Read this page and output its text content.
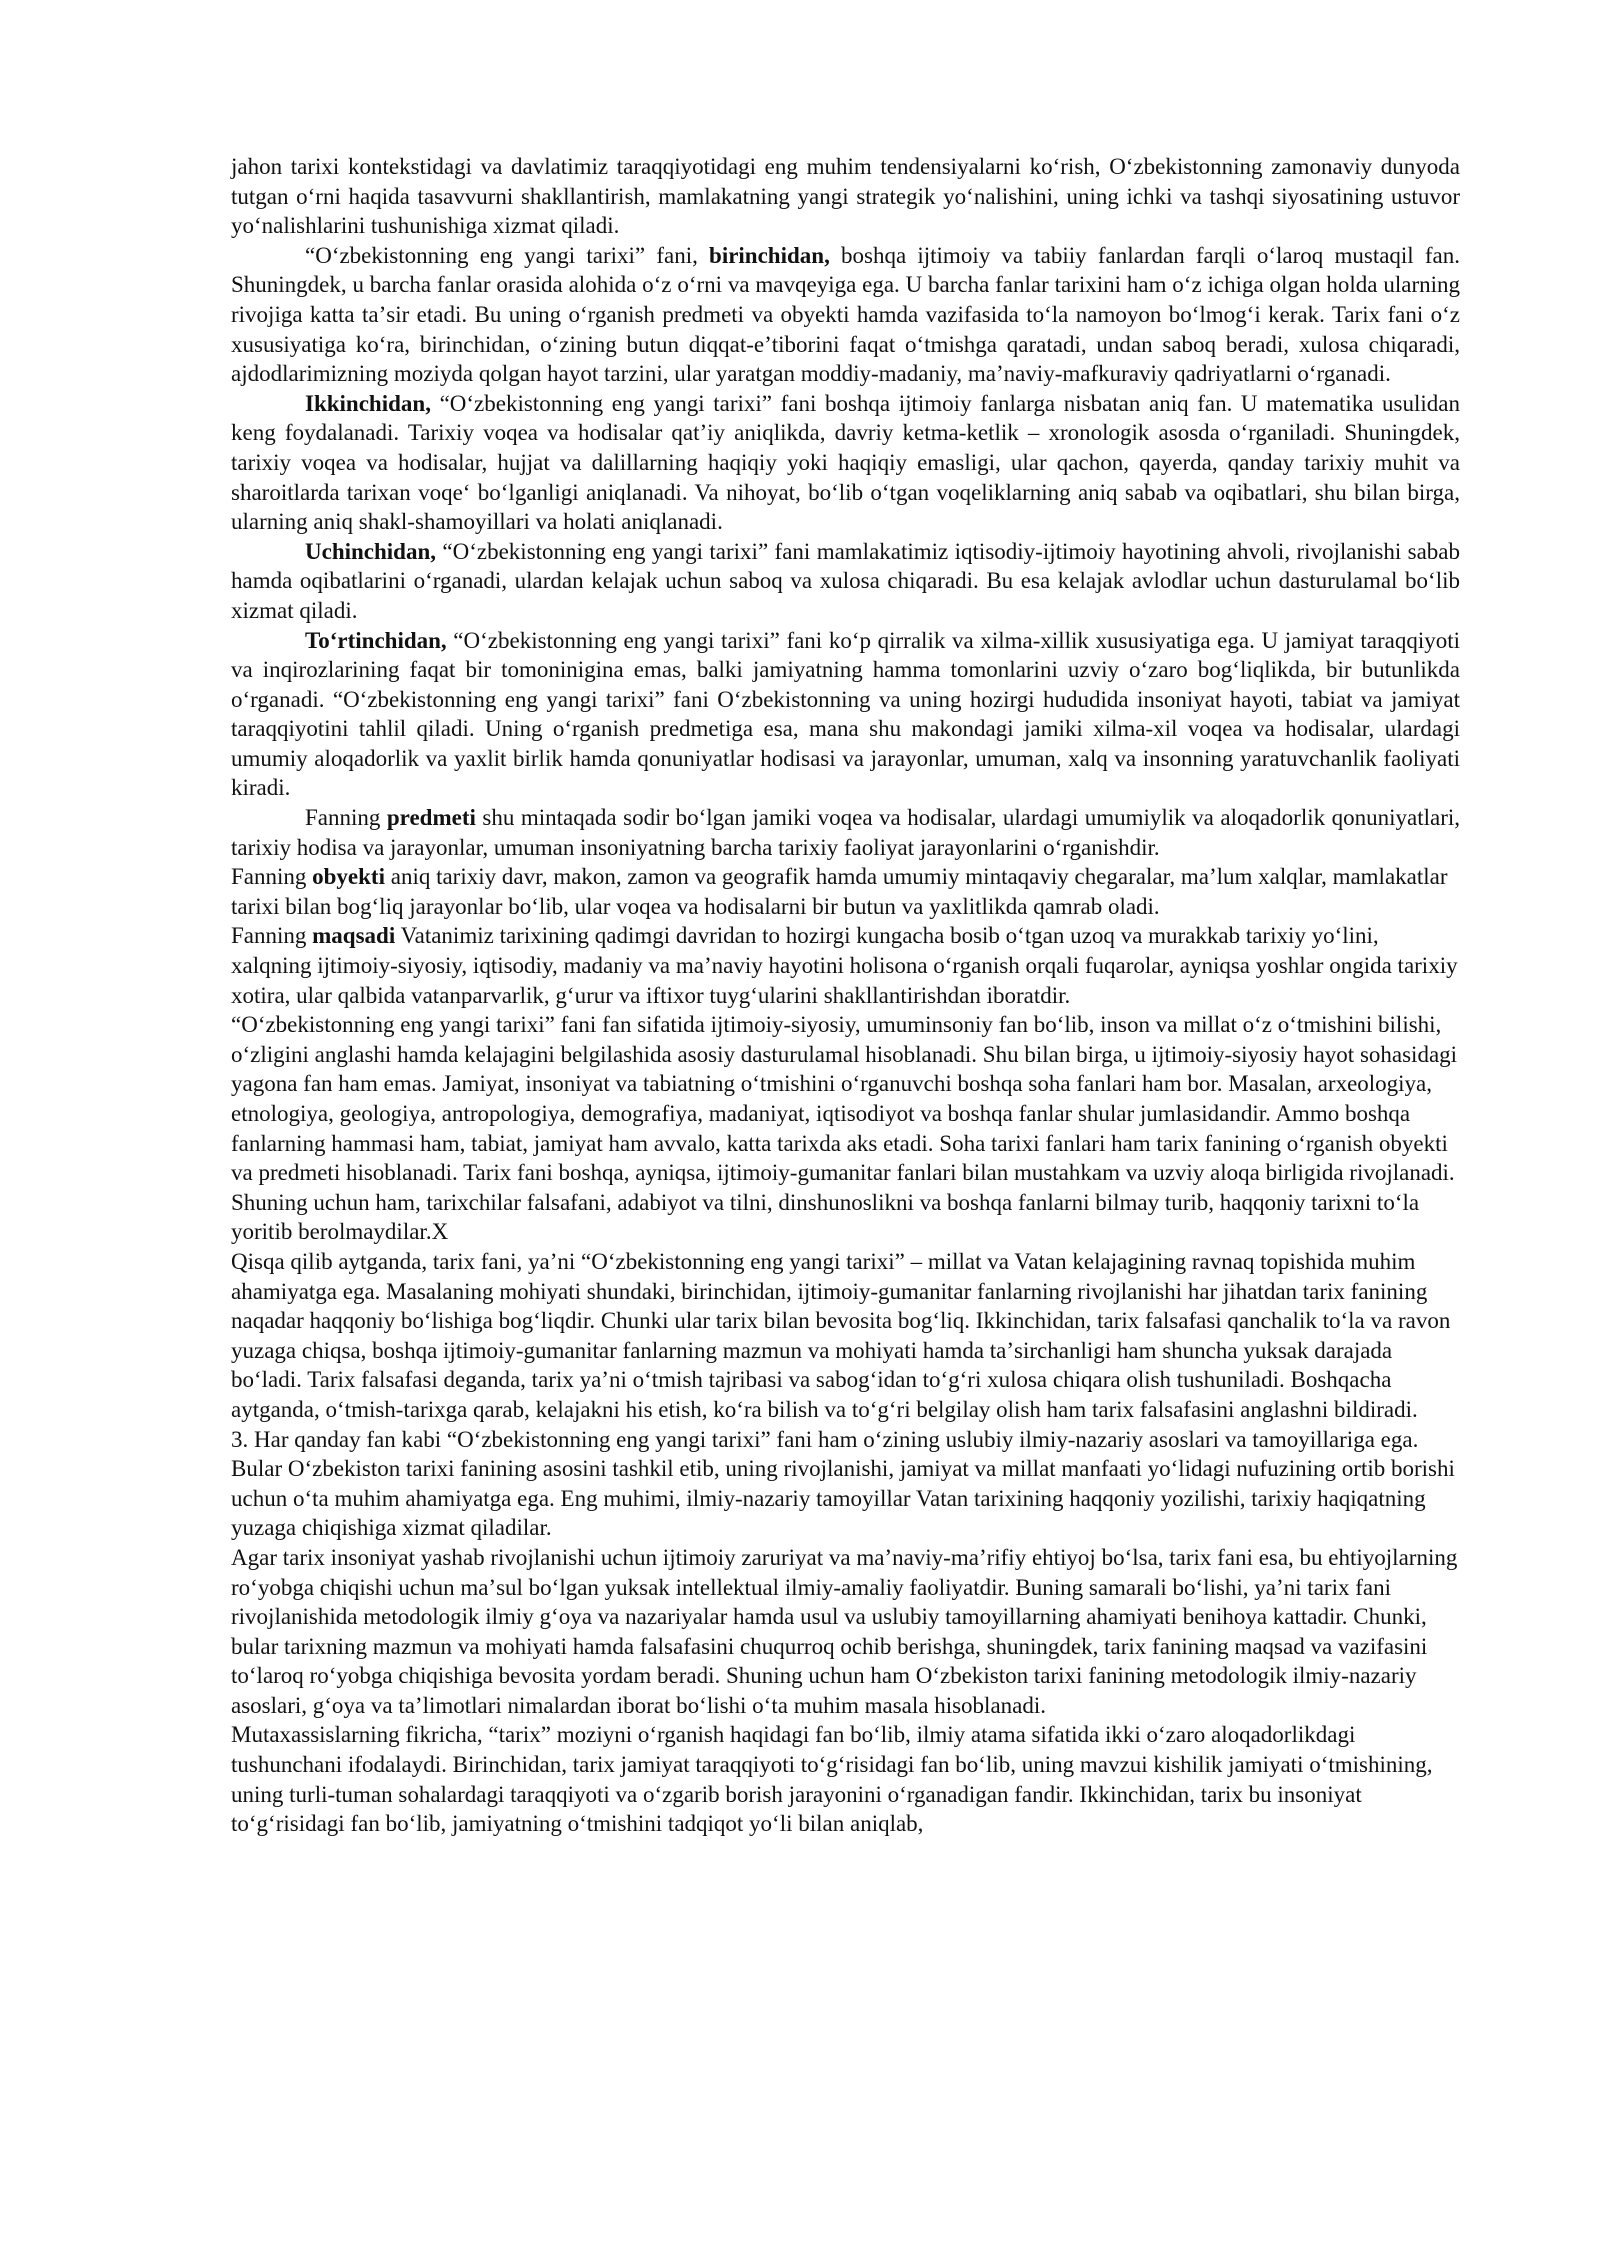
jahon tarixi kontekstidagi va davlatimiz taraqqiyotidagi eng muhim tendensiyalarni koʻrish, Oʻzbekistonning zamonaviy dunyoda tutgan oʻrni haqida tasavvurni shakllantirish, mamlakatning yangi strategik yoʻnalishini, uning ichki va tashqi siyosatining ustuvor yoʻnalishlarini tushunishiga xizmat qiladi.

“Oʻzbekistonning eng yangi tarixi” fani, birinchidan, boshqa ijtimoiy va tabiiy fanlardan farqli oʻlaroq mustaqil fan. Shuningdek, u barcha fanlar orasida alohida oʻz oʻrni va mavqeyiga ega. U barcha fanlar tarixini ham oʻz ichiga olgan holda ularning rivojiga katta taʼsir etadi. Bu uning oʻrganish predmeti va obyekti hamda vazifasida toʻla namoyon boʻlmogʻi kerak. Tarix fani oʻz xususiyatiga koʻra, birinchidan, oʻzining butun diqqat-eʼtiborini faqat oʻtmishga qaratadi, undan saboq beradi, xulosa chiqaradi, ajdodlarimizning moziyda qolgan hayot tarzini, ular yaratgan moddiy-madaniy, maʼnaviy-mafkuraviy qadriyatlarni oʻrganadi.

Ikkinchidan, “Oʻzbekistonning eng yangi tarixi” fani boshqa ijtimoiy fanlarga nisbatan aniq fan. U matematika usulidan keng foydalanadi. Tarixiy voqea va hodisalar qatʼiy aniqlikda, davriy ketma-ketlik – xronologik asosda oʻrganiladi. Shuningdek, tarixiy voqea va hodisalar, hujjat va dalillarning haqiqiy yoki haqiqiy emasligi, ular qachon, qayerda, qanday tarixiy muhit va sharoitlarda tarixan voqeʻ boʻlganligi aniqlanadi. Va nihoyat, boʻlib oʻtgan voqeliklarning aniq sabab va oqibatlari, shu bilan birga, ularning aniq shakl-shamoyillari va holati aniqlanadi.

Uchinchidan, “Oʻzbekistonning eng yangi tarixi” fani mamlakatimiz iqtisodiy-ijtimoiy hayotining ahvoli, rivojlanishi sabab hamda oqibatlarini oʻrganadi, ulardan kelajak uchun saboq va xulosa chiqaradi. Bu esa kelajak avlodlar uchun dasturulamal boʻlib xizmat qiladi.

Toʻrtinchidan, “Oʻzbekistonning eng yangi tarixi” fani koʻp qirralik va xilma-xillik xususiyatiga ega. U jamiyat taraqqiyoti va inqirozlarining faqat bir tomoninigina emas, balki jamiyatning hamma tomonlarini uzviy oʻzaro bogʻliqlikda, bir butunlikda oʻrganadi. “Oʻzbekistonning eng yangi tarixi” fani Oʻzbekistonning va uning hozirgi hududida insoniyat hayoti, tabiat va jamiyat taraqqiyotini tahlil qiladi. Uning oʻrganish predmetiga esa, mana shu makondagi jamiki xilma-xil voqea va hodisalar, ulardagi umumiy aloqadorlik va yaxlit birlik hamda qonuniyatlar hodisasi va jarayonlar, umuman, xalq va insonning yaratuvchanlik faoliyati kiradi.

Fanning predmeti shu mintaqada sodir boʻlgan jamiki voqea va hodisalar, ulardagi umumiylik va aloqadorlik qonuniyatlari, tarixiy hodisa va jarayonlar, umuman insoniyatning barcha tarixiy faoliyat jarayonlarini oʻrganishdir.

Fanning obyekti aniq tarixiy davr, makon, zamon va geografik hamda umumiy mintaqaviy chegaralar, maʼlum xalqlar, mamlakatlar tarixi bilan bogʻliq jarayonlar boʻlib, ular voqea va hodisalarni bir butun va yaxlitlikda qamrab oladi.

Fanning maqsadi Vatanimiz tarixining qadimgi davridan to hozirgi kungacha bosib oʻtgan uzoq va murakkab tarixiy yoʻlini, xalqning ijtimoiy-siyosiy, iqtisodiy, madaniy va maʼnaviy hayotini holisona oʻrganish orqali fuqarolar, ayniqsa yoshlar ongida tarixiy xotira, ular qalbida vatanparvarlik, gʻurur va iftixor tuygʻularini shakllantirishdan iboratdir.

“Oʻzbekistonning eng yangi tarixi” fani fan sifatida ijtimoiy-siyosiy, umuminsoniy fan boʻlib, inson va millat oʻz oʻtmishini bilishi, oʻzligini anglashi hamda kelajagini belgilashida asosiy dasturulamal hisoblanadi. Shu bilan birga, u ijtimoiy-siyosiy hayot sohasidagi yagona fan ham emas. Jamiyat, insoniyat va tabiatning oʻtmishini oʻrganuvchi boshqa soha fanlari ham bor. Masalan, arxeologiya, etnologiya, geologiya, antropologiya, demografiya, madaniyat, iqtisodiyot va boshqa fanlar shular jumlasidandir. Ammo boshqa fanlarning hammasi ham, tabiat, jamiyat ham avvalo, katta tarixda aks etadi. Soha tarixi fanlari ham tarix fanining oʻrganish obyekti va predmeti hisoblanadi. Tarix fani boshqa, ayniqsa, ijtimoiy-gumanitar fanlari bilan mustahkam va uzviy aloqa birligida rivojlanadi. Shuning uchun ham, tarixchilar falsafani, adabiyot va tilni, dinshunoslikni va boshqa fanlarni bilmay turib, haqqoniy tarixni toʻla yoritib berolmaydilar.X

Qisqa qilib aytganda, tarix fani, yaʼni “Oʻzbekistonning eng yangi tarixi” – millat va Vatan kelajagining ravnaq topishida muhim ahamiyatga ega. Masalaning mohiyati shundaki, birinchidan, ijtimoiy-gumanitar fanlarning rivojlanishi har jihatdan tarix fanining naqadar haqqoniy boʻlishiga bogʻliqdir. Chunki ular tarix bilan bevosita bogʻliq. Ikkinchidan, tarix falsafasi qanchalik toʻla va ravon yuzaga chiqsa, boshqa ijtimoiy-gumanitar fanlarning mazmun va mohiyati hamda taʼsirchanligi ham shuncha yuksak darajada boʻladi. Tarix falsafasi deganda, tarix yaʼni oʻtmish tajribasi va sabogʻidan toʻgʻri xulosa chiqara olish tushuniladi. Boshqacha aytganda, oʻtmish-tarixga qarab, kelajakni his etish, koʻra bilish va toʻgʻri belgilay olish ham tarix falsafasini anglashni bildiradi.

3. Har qanday fan kabi “Oʻzbekistonning eng yangi tarixi” fani ham oʻzining uslubiy ilmiy-nazariy asoslari va tamoyillariga ega. Bular Oʻzbekiston tarixi fanining asosini tashkil etib, uning rivojlanishi, jamiyat va millat manfaati yoʻlidagi nufuzining ortib borishi uchun oʻta muhim ahamiyatga ega. Eng muhimi, ilmiy-nazariy tamoyillar Vatan tarixining haqqoniy yozilishi, tarixiy haqiqatning yuzaga chiqishiga xizmat qiladilar.

Agar tarix insoniyat yashab rivojlanishi uchun ijtimoiy zaruriyat va maʼnaviy-maʼrifiy ehtiyoj boʻlsa, tarix fani esa, bu ehtiyojlarning roʻyobga chiqishi uchun maʼsul boʻlgan yuksak intellektual ilmiy-amaliy faoliyatdir. Buning samarali boʻlishi, yaʼni tarix fani rivojlanishida metodologik ilmiy gʻoya va nazariyalar hamda usul va uslubiy tamoyillarning ahamiyati benihoya kattadir. Chunki, bular tarixning mazmun va mohiyati hamda falsafasini chuqurroq ochib berishga, shuningdek, tarix fanining maqsad va vazifasini toʻlaroq roʻyobga chiqishiga bevosita yordam beradi. Shuning uchun ham Oʻzbekiston tarixi fanining metodologik ilmiy-nazariy asoslari, gʻoya va taʼlimotlari nimalardan iborat boʻlishi oʻta muhim masala hisoblanadi.

Mutaxassislarning fikricha, “tarix” moziyni oʻrganish haqidagi fan boʻlib, ilmiy atama sifatida ikki oʻzaro aloqadorlikdagi tushunchani ifodalaydi. Birinchidan, tarix jamiyat taraqqiyoti toʻgʻrisidagi fan boʻlib, uning mavzui kishilik jamiyati oʻtmishining, uning turli-tuman sohalardagi taraqqiyoti va oʻzgarib borish jarayonini oʻrganadigan fandir. Ikkinchidan, tarix bu insoniyat toʻgʻrisidagi fan boʻlib, jamiyatning oʻtmishini tadqiqot yoʻli bilan aniqlab,
